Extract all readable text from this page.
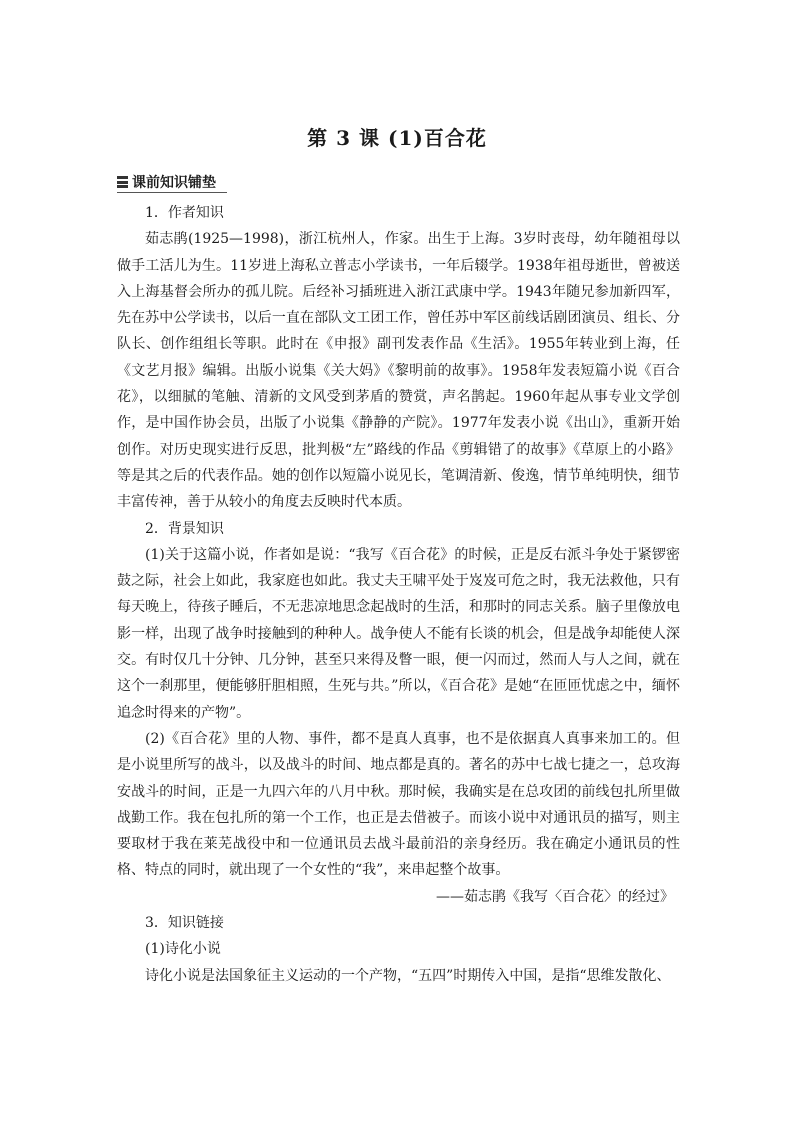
第 3 课 (1)百合花
课前知识铺垫

1．作者知识

茹志鹃(1925—1998)，浙江杭州人，作家。出生于上海。3岁时丧母，幼年随祖母以做手工活儿为生。11岁进上海私立普志小学读书，一年后辍学。1938年祖母逝世，曾被送入上海基督会所办的孤儿院。后经补习插班进入浙江武康中学。1943年随兄参加新四军，先在苏中公学读书，以后一直在部队文工团工作，曾任苏中军区前线话剧团演员、组长、分队长、创作组组长等职。此时在《申报》副刊发表作品《生活》。1955年转业到上海，任《文艺月报》编辑。出版小说集《关大妈》《黎明前的故事》。1958年发表短篇小说《百合花》，以细腻的笔触、清新的文风受到茅盾的赞赏，声名鹊起。1960年起从事专业文学创作，是中国作协会员，出版了小说集《静静的产院》。1977年发表小说《出山》，重新开始创作。对历史现实进行反思，批判极“左”路线的作品《剪辑错了的故事》《草原上的小路》等是其之后的代表作品。她的创作以短篇小说见长，笔调清新、俊逸，情节单纯明快，细节丰富传神，善于从较小的角度去反映时代本质。

2．背景知识

(1)关于这篇小说，作者如是说：“我写《百合花》的时候，正是反右派斗争处于紧锣密鼓之际，社会上如此，我家庭也如此。我丈夫王啸平处于岌岌可危之时，我无法救他，只有每天晚上，待孩子睡后，不无悲凉地思念起战时的生活，和那时的同志关系。脑子里像放电影一样，出现了战争时接触到的种种人。战争使人不能有长谈的机会，但是战争却能使人深交。有时仅几十分钟、几分钟，甚至只来得及瞥一眼，便一闪而过，然而人与人之间，就在这个一刹那里，便能够肝胆相照，生死与共。”所以，《百合花》是她“在匝匝忧虑之中，缅怀追念时得来的产物”。

(2)《百合花》里的人物、事件，都不是真人真事，也不是依据真人真事来加工的。但是小说里所写的战斗，以及战斗的时间、地点都是真的。著名的苏中七战七捷之一，总攻海安战斗的时间，正是一九四六年的八月中秋。那时候，我确实是在总攻团的前线包扎所里做战勤工作。我在包扎所的第一个工作，也正是去借被子。而该小说中对通讯员的描写，则主要取材于我在莱芜战役中和一位通讯员去战斗最前沿的亲身经历。我在确定小通讯员的性格、特点的同时，就出现了一个女性的“我”，来串起整个故事。

——茹志鹃《我写〈百合花〉的经过》

3．知识链接

(1)诗化小说

诗化小说是法国象征主义运动的一个产物，“五四”时期传入中国，是指“思维发散化、
